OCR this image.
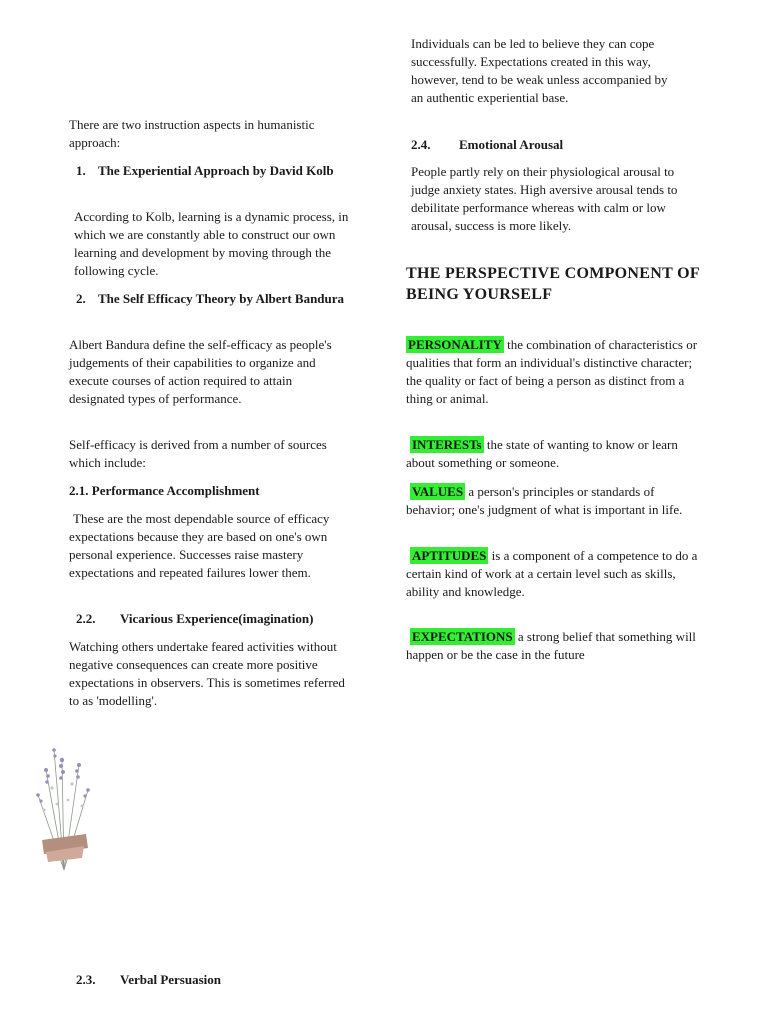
There are two instruction aspects in humanistic approach:

1. The Experiential Approach by David Kolb

According to Kolb, learning is a dynamic process, in which we are constantly able to construct our own learning and development by moving through the following cycle.

2. The Self Efficacy Theory by Albert Bandura

Albert Bandura define the self-efficacy as people's judgements of their capabilities to organize and execute courses of action required to attain designated types of performance.

Self-efficacy is derived from a number of sources which include:

2.1. Performance Accomplishment

These are the most dependable source of efficacy expectations because they are based on one's own personal experience. Successes raise mastery expectations and repeated failures lower them.

2.2.	Vicarious Experience(imagination)

Watching others undertake feared activities without negative consequences can create more positive expectations in observers. This is sometimes referred to as 'modelling'.

2.3.	Verbal Persuasion

Individuals can be led to believe they can cope successfully. Expectations created in this way, however, tend to be weak unless accompanied by an authentic experiential base.

2.4.	Emotional Arousal

People partly rely on their physiological arousal to judge anxiety states. High aversive arousal tends to debilitate performance whereas with calm or low arousal, success is more likely.

THE PERSPECTIVE COMPONENT OF BEING YOURSELF

PERSONALITY the combination of characteristics or qualities that form an individual's distinctive character; the quality or fact of being a person as distinct from a thing or animal.

INTERESTs the state of wanting to know or learn about something or someone.

VALUES a person's principles or standards of behavior; one's judgment of what is important in life.

APTITUDES is a component of a competence to do a certain kind of work at a certain level such as skills, ability and knowledge.

EXPECTATIONS a strong belief that something will happen or be the case in the future
